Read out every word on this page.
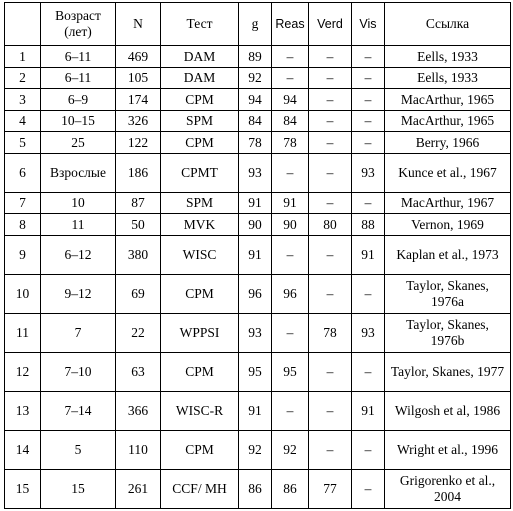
	Возраст (лет)	N	Тест	g	Reas	Verd	Vis	Ссылка
1	6–11	469	DAM	89	–	–	–	Eells, 1933
2	6–11	105	DAM	92	–	–	–	Eells, 1933
3	6–9	174	CPM	94	94	–	–	MacArthur, 1965
4	10–15	326	SPM	84	84	–	–	MacArthur, 1965
5	25	122	CPM	78	78	–	–	Berry, 1966
6	Взрослые	186	CPMT	93	–	–	93	Kunce et al., 1967
7	10	87	SPM	91	91	–	–	MacArthur, 1967
8	11	50	MVK	90	90	80	88	Vernon, 1969
9	6–12	380	WISC	91	–	–	91	Kaplan et al., 1973
10	9–12	69	CPM	96	96	–	–	Taylor, Skanes, 1976a
11	7	22	WPPSI	93	–	78	93	Taylor, Skanes, 1976b
12	7–10	63	CPM	95	95	–	–	Taylor, Skanes, 1977
13	7–14	366	WISC-R	91	–	–	91	Wilgosh et al, 1986
14	5	110	CPM	92	92	–	–	Wright et al., 1996
15	15	261	CCF/ MH	86	86	77	–	Grigorenko et al., 2004
